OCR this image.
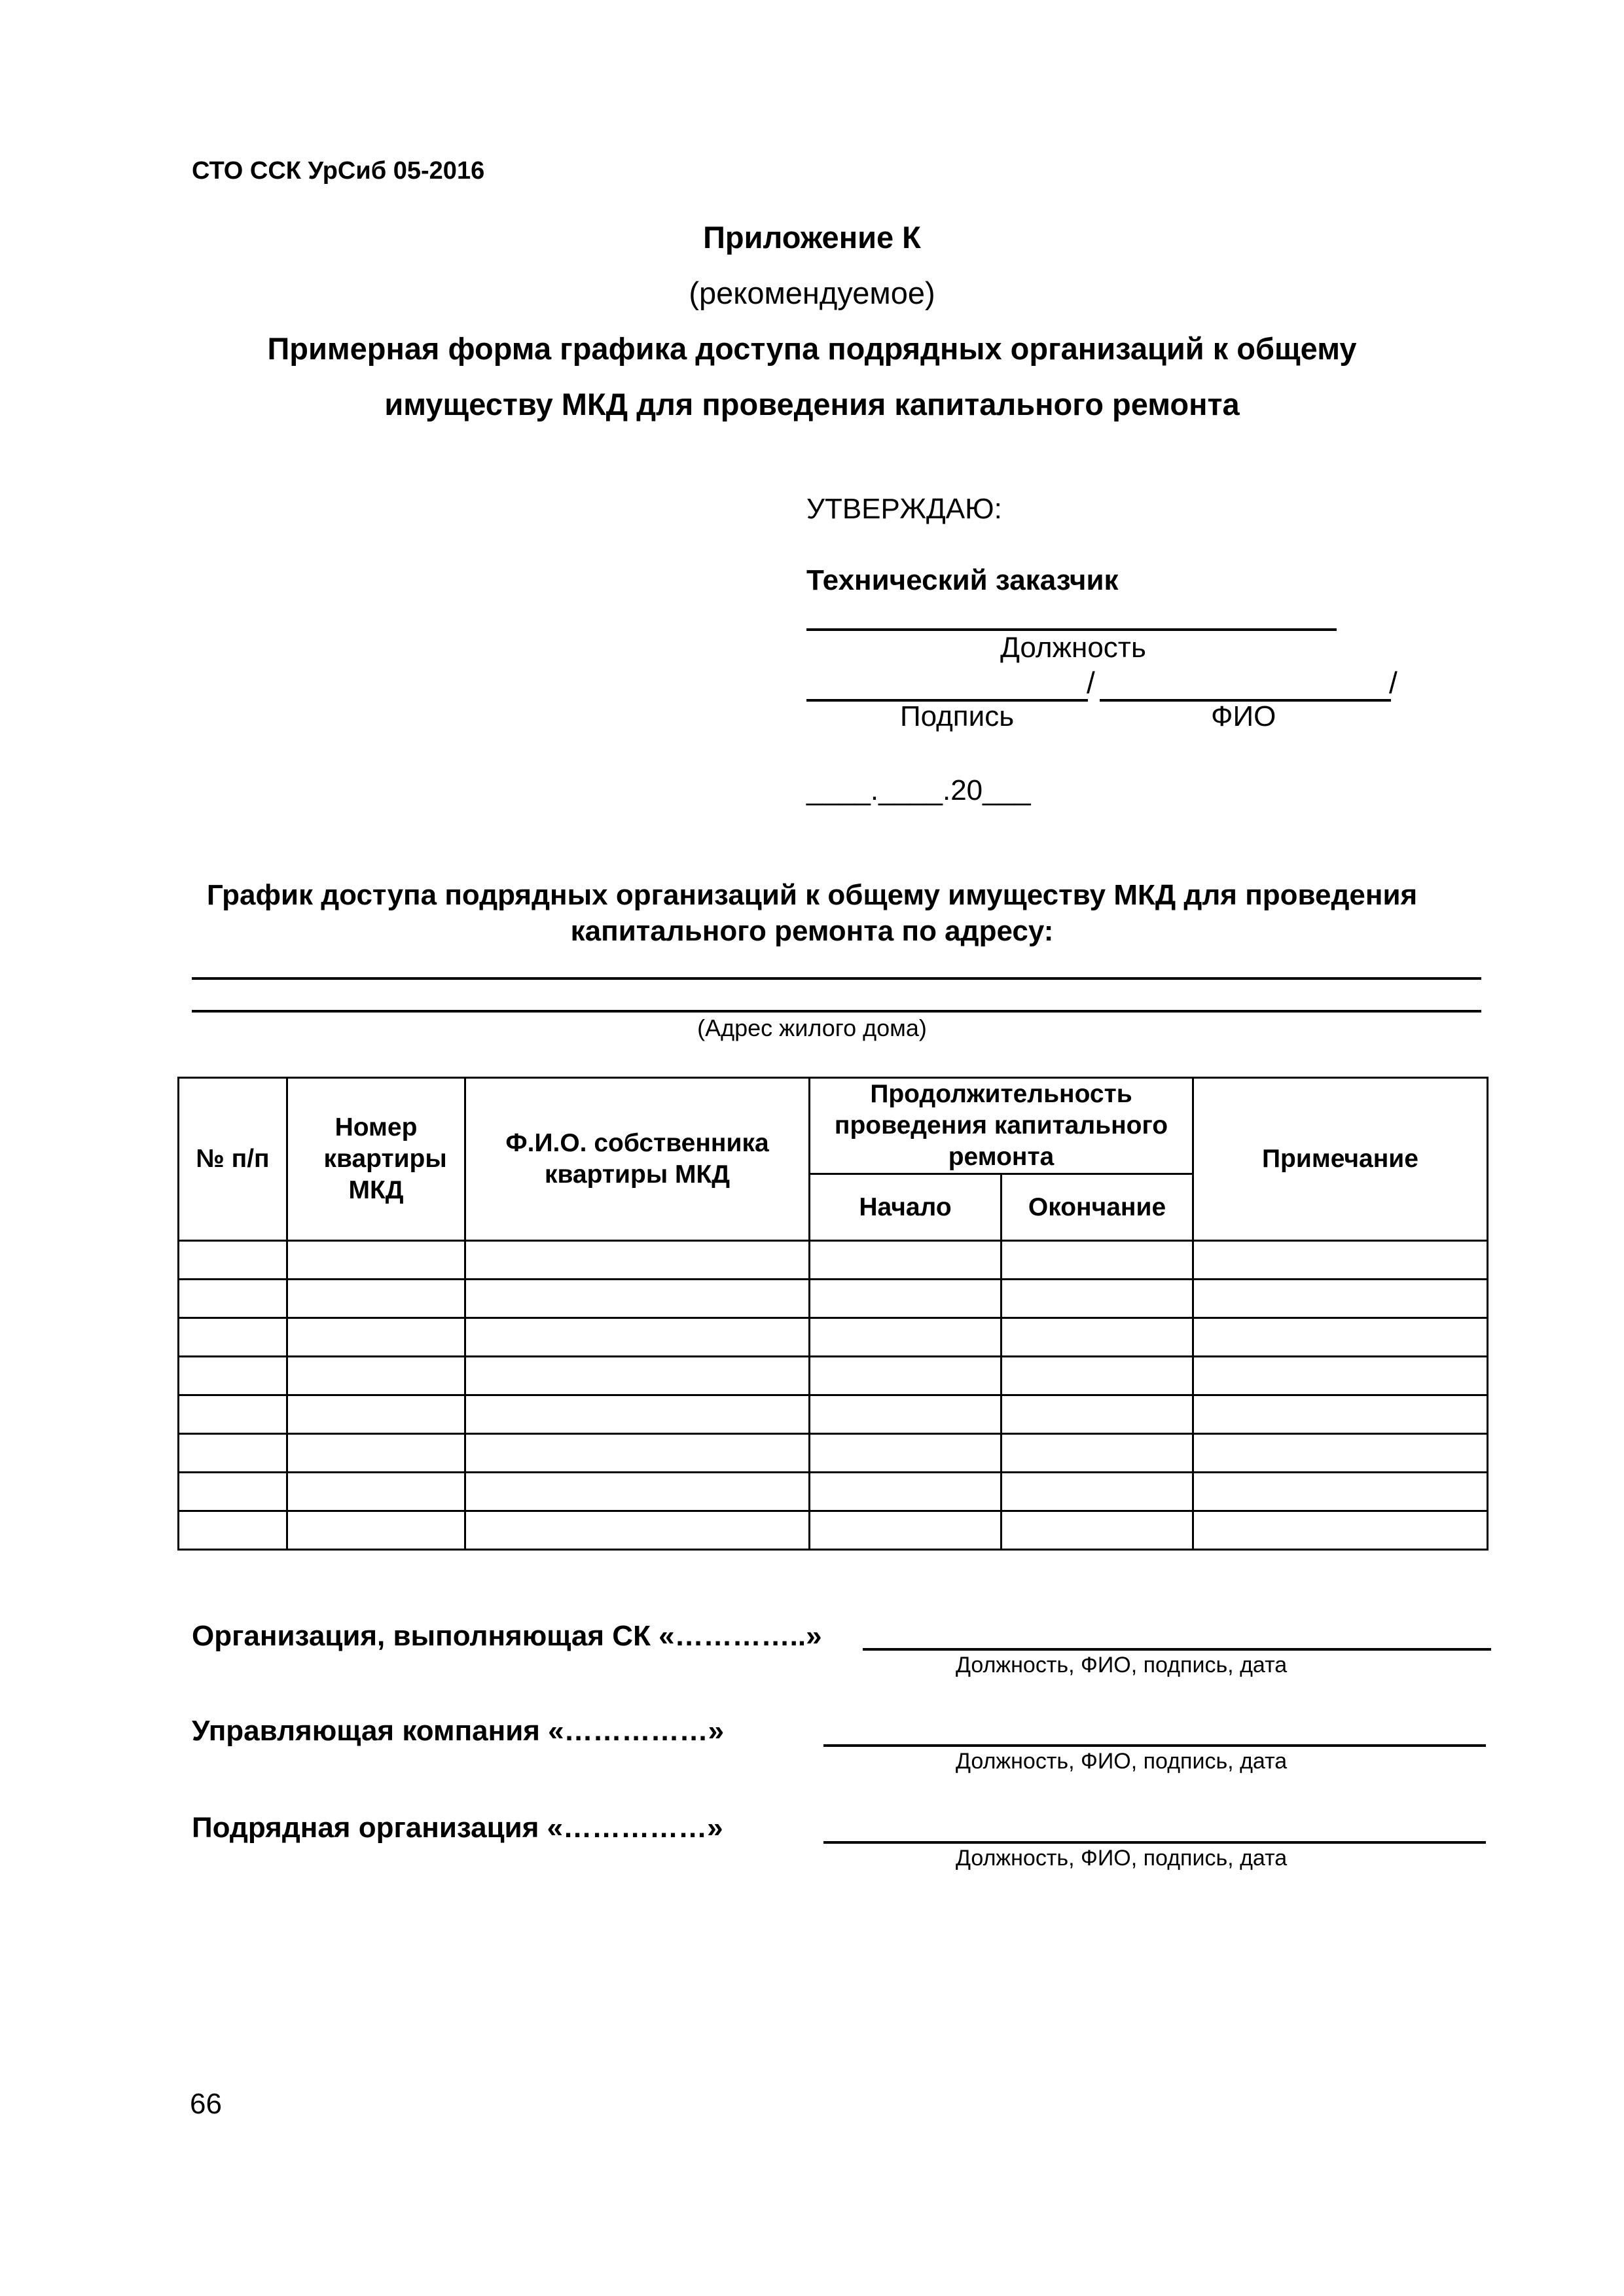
СТО ССК УрСиб 05-2016
Приложение К
(рекомендуемое)
Примерная форма графика доступа подрядных организаций к общему
имуществу МКД для проведения капитального ремонта
УТВЕРЖДАЮ:
Технический заказчик
Должность
/	/
Подпись	ФИО
____.____.20___
График доступа подрядных организаций к общему имуществу МКД для проведения капитального ремонта по адресу:
(Адрес жилого дома)
№ п/п	Номер квартиры МКД	Ф.И.О. собственника квартиры МКД	Продолжительность проведения капитального ремонта		Примечание
			Начало	Окончание	

Организация, выполняющая СК «…………..»
Должность, ФИО, подпись, дата
Управляющая компания «……………»
Должность, ФИО, подпись, дата
Подрядная организация «……………»
Должность, ФИО, подпись, дата
66
